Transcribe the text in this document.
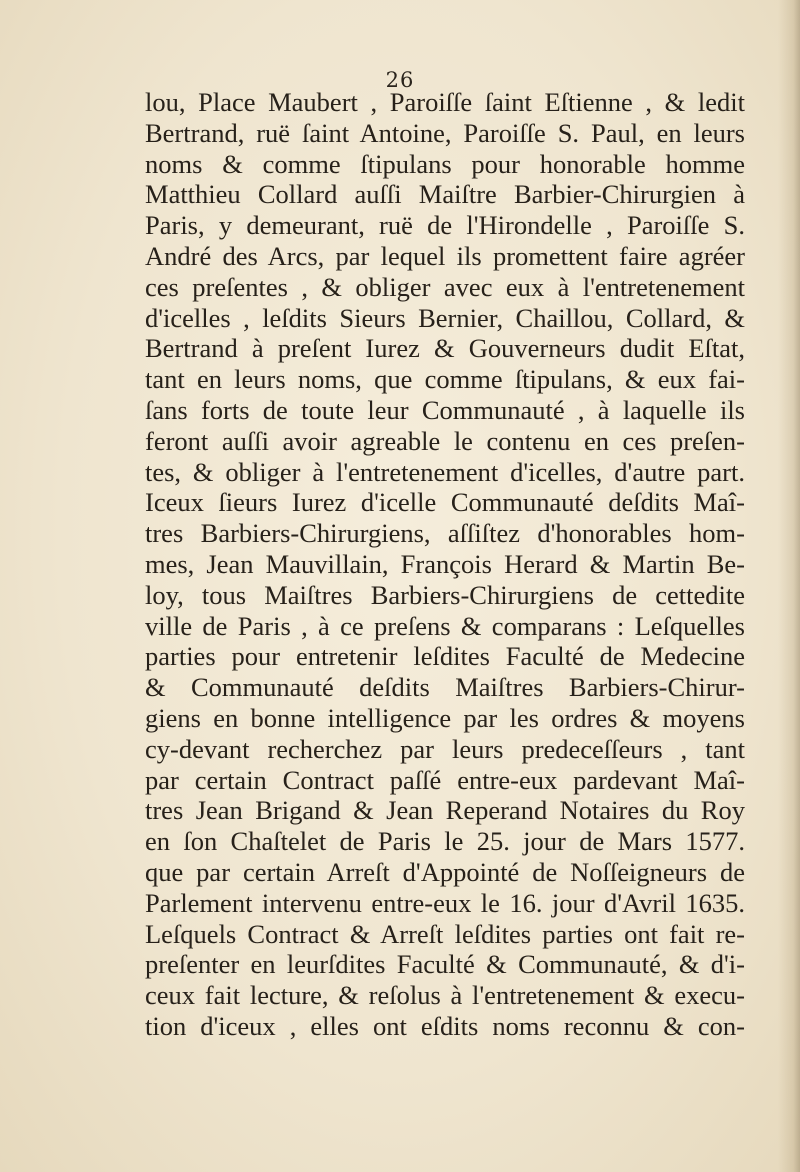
26
lou, Place Maubert , Paroiſſe ſaint Eſtienne , & ledit
Bertrand, ruë ſaint Antoine, Paroiſſe S. Paul, en leurs
noms & comme ſtipulans pour honorable homme
Matthieu Collard auſſi Maiſtre Barbier-Chirurgien à
Paris, y demeurant, ruë de l'Hirondelle , Paroiſſe S.
André des Arcs, par lequel ils promettent faire agréer
ces preſentes , & obliger avec eux à l'entretenement
d'icelles , leſdits Sieurs Bernier, Chaillou, Collard, &
Bertrand à preſent Iurez & Gouverneurs dudit Eſtat,
tant en leurs noms, que comme ſtipulans, & eux fai-
ſans forts de toute leur Communauté , à laquelle ils
feront auſſi avoir agreable le contenu en ces preſen-
tes, & obliger à l'entretenement d'icelles, d'autre part.
Iceux ſieurs Iurez d'icelle Communauté deſdits Maî-
tres Barbiers-Chirurgiens, aſſiſtez d'honorables hom-
mes, Jean Mauvillain, François Herard & Martin Be-
loy, tous Maiſtres Barbiers-Chirurgiens de cettedite
ville de Paris , à ce preſens & comparans : Leſquelles
parties pour entretenir leſdites Faculté de Medecine
& Communauté deſdits Maiſtres Barbiers-Chirur-
giens en bonne intelligence par les ordres & moyens
cy-devant recherchez par leurs predeceſſeurs , tant
par certain Contract paſſé entre-eux pardevant Maî-
tres Jean Brigand & Jean Reperand Notaires du Roy
en ſon Chaſtelet de Paris le 25. jour de Mars 1577.
que par certain Arreſt d'Appointé de Noſſeigneurs de
Parlement intervenu entre-eux le 16. jour d'Avril 1635.
Leſquels Contract & Arreſt leſdites parties ont fait re-
preſenter en leurſdites Faculté & Communauté, & d'i-
ceux fait lecture, & reſolus à l'entretenement & execu-
tion d'iceux , elles ont eſdits noms reconnu & con-
